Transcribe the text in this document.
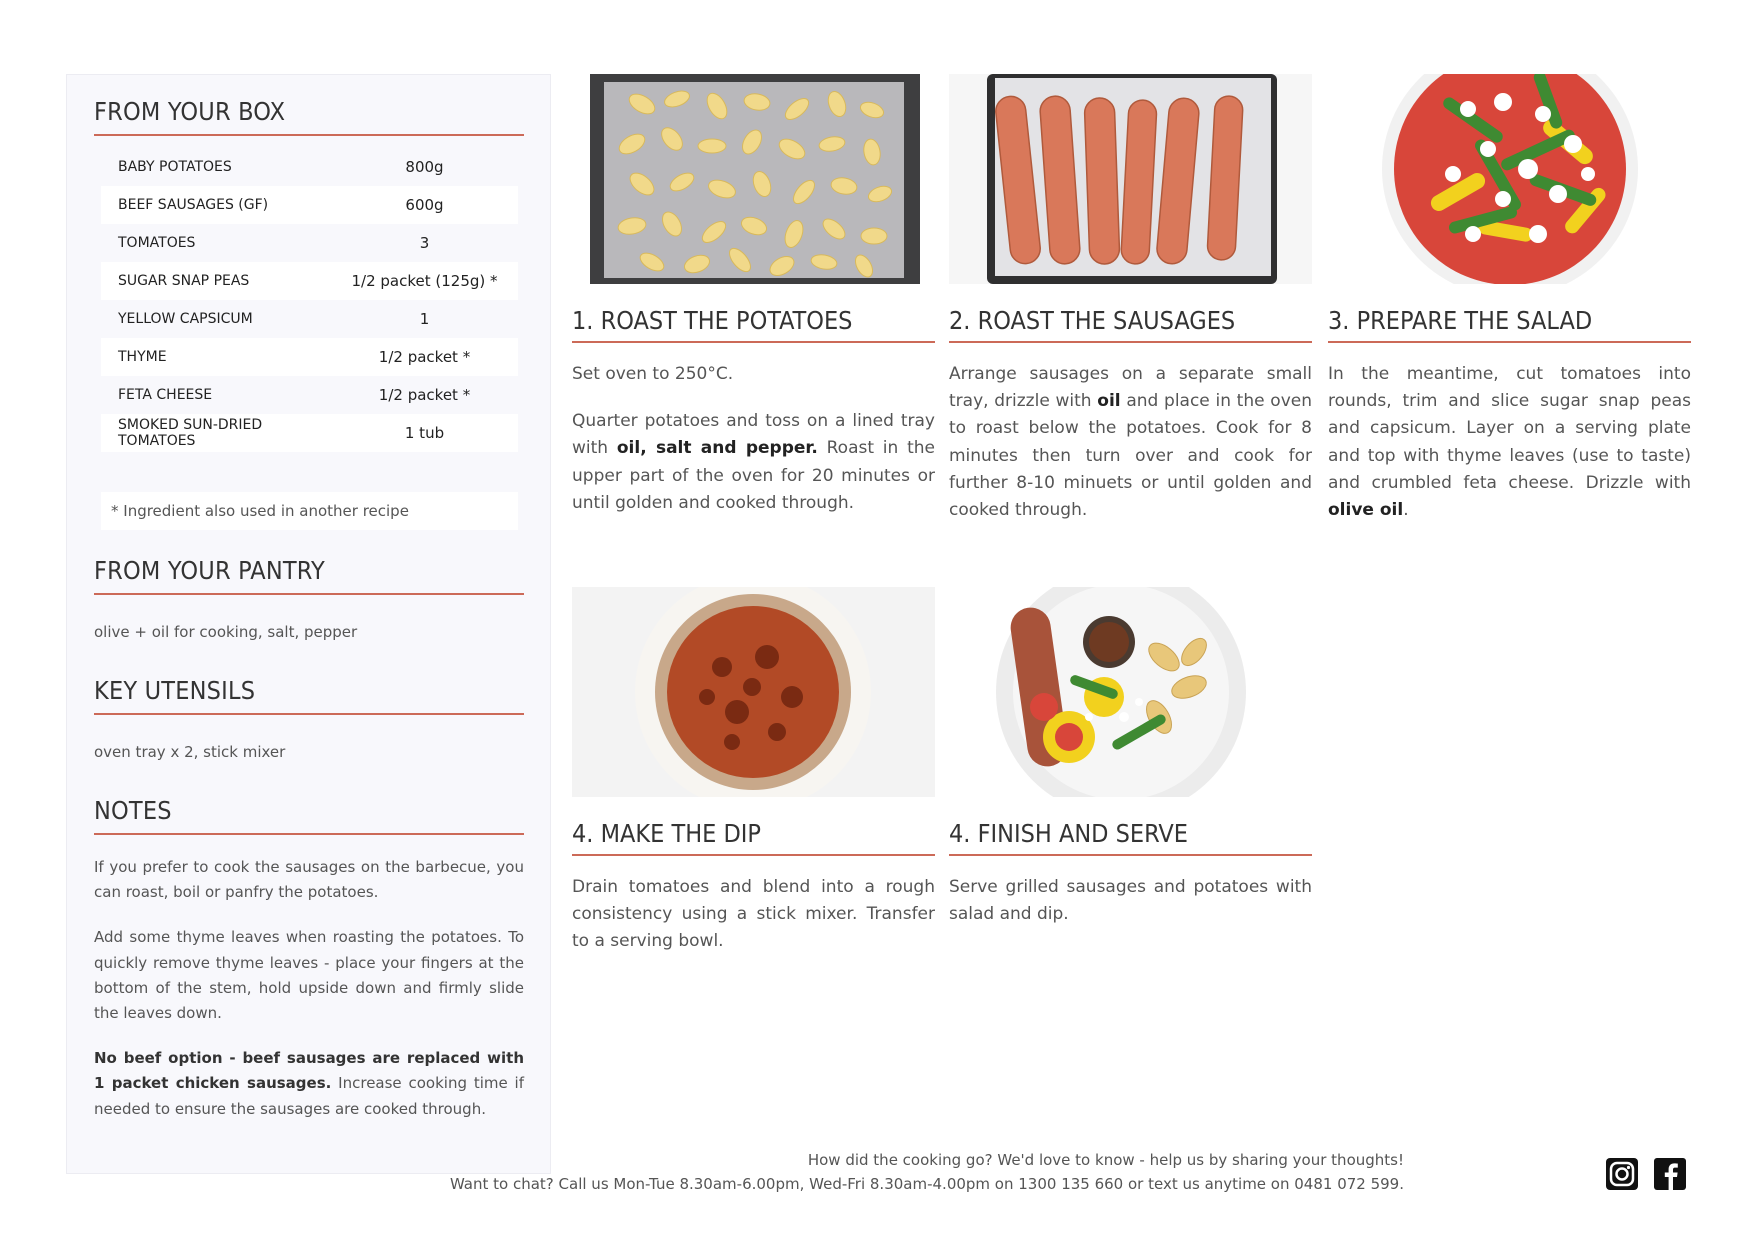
FROM YOUR BOX
BABY POTATOES	800g
BEEF SAUSAGES (GF)	600g
TOMATOES	3
SUGAR SNAP PEAS	1/2 packet (125g) *
YELLOW CAPSICUM	1
THYME	1/2 packet *
FETA CHEESE	1/2 packet *
SMOKED SUN-DRIED TOMATOES	1 tub
* Ingredient also used in another recipe
FROM YOUR PANTRY
olive + oil for cooking, salt, pepper
KEY UTENSILS
oven tray x 2, stick mixer
NOTES

If you prefer to cook the sausages on the barbecue, you can roast, boil or panfry the potatoes.

Add some thyme leaves when roasting the potatoes. To quickly remove thyme leaves - place your fingers at the bottom of the stem, hold upside down and firmly slide the leaves down.

No beef option - beef sausages are replaced with 1 packet chicken sausages. Increase cooking time if needed to ensure the sausages are cooked through.

1. ROAST THE POTATOES

Set oven to 250°C.

Quarter potatoes and toss on a lined tray with oil, salt and pepper. Roast in the upper part of the oven for 20 minutes or until golden and cooked through.

2. ROAST THE SAUSAGES

Arrange sausages on a separate small tray, drizzle with oil and place in the oven to roast below the potatoes. Cook for 8 minutes then turn over and cook for further 8-10 minuets or until golden and cooked through.

3. PREPARE THE SALAD

In the meantime, cut tomatoes into rounds, trim and slice sugar snap peas and capsicum. Layer on a serving plate and top with thyme leaves (use to taste) and crumbled feta cheese. Drizzle with olive oil.

4. MAKE THE DIP

Drain tomatoes and blend into a rough consistency using a stick mixer. Transfer to a serving bowl.

4. FINISH AND SERVE

Serve grilled sausages and potatoes with salad and dip.

How did the cooking go? We'd love to know - help us by sharing your thoughts!
Want to chat? Call us Mon-Tue 8.30am-6.00pm, Wed-Fri 8.30am-4.00pm on 1300 135 660 or text us anytime on 0481 072 599.
